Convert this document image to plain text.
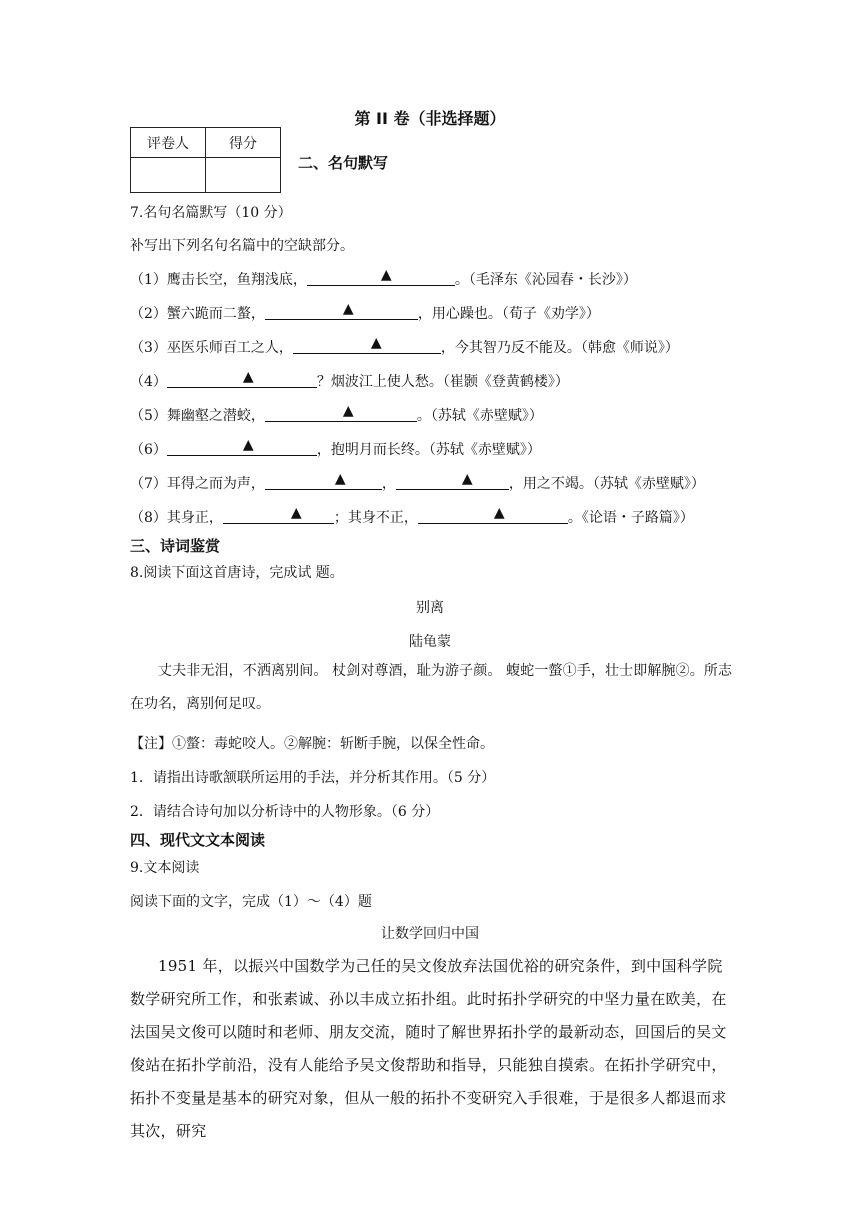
第 II 卷（非选择题）
评卷人	得分

二、名句默写
7.名句名篇默写（10 分）
补写出下列名句名篇中的空缺部分。
（1）鹰击长空，鱼翔浅底，	▲	。（毛泽东《沁园春・长沙》）
（2）蟹六跪而二螯，	▲	，用心躁也。（荀子《劝学》）
（3）巫医乐师百工之人，	▲	，今其智乃反不能及。（韩愈《师说》）
（4）	▲	？烟波江上使人愁。（崔颢《登黄鹤楼》）
（5）舞幽壑之潜蛟，	▲	。（苏轼《赤壁赋》）
（6）	▲	，抱明月而长终。（苏轼《赤壁赋》）
（7）耳得之而为声，	▲	，	▲	，用之不竭。（苏轼《赤壁赋》）
（8）其身正，	▲ ；其身不正，	▲	。《论语・子路篇》）
三、诗词鉴赏
8.阅读下面这首唐诗，完成试 题。
别离
陆龟蒙
丈夫非无泪，不洒离别间。 杖剑对尊酒，耻为游子颜。 蝮蛇一螫①手，壮士即解腕②。所志在功名，离别何足叹。
【注】①螫：毒蛇咬人。②解腕：斩断手腕，以保全性命。
1．请指出诗歌颔联所运用的手法，并分析其作用。（5 分）
2．请结合诗句加以分析诗中的人物形象。（6 分）
四、现代文文本阅读
9.文本阅读
阅读下面的文字，完成（1）～（4）题
让数学回归中国
1951 年，以振兴中国数学为己任的吴文俊放弃法国优裕的研究条件，到中国科学院数学研究所工作，和张素诚、孙以丰成立拓扑组。此时拓扑学研究的中坚力量在欧美，在法国吴文俊可以随时和老师、朋友交流，随时了解世界拓扑学的最新动态，回国后的吴文俊站在拓扑学前沿，没有人能给予吴文俊帮助和指导，只能独自摸索。在拓扑学研究中，拓扑不变量是基本的研究对象，但从一般的拓扑不变研究入手很难，于是很多人都退而求其次，研究
